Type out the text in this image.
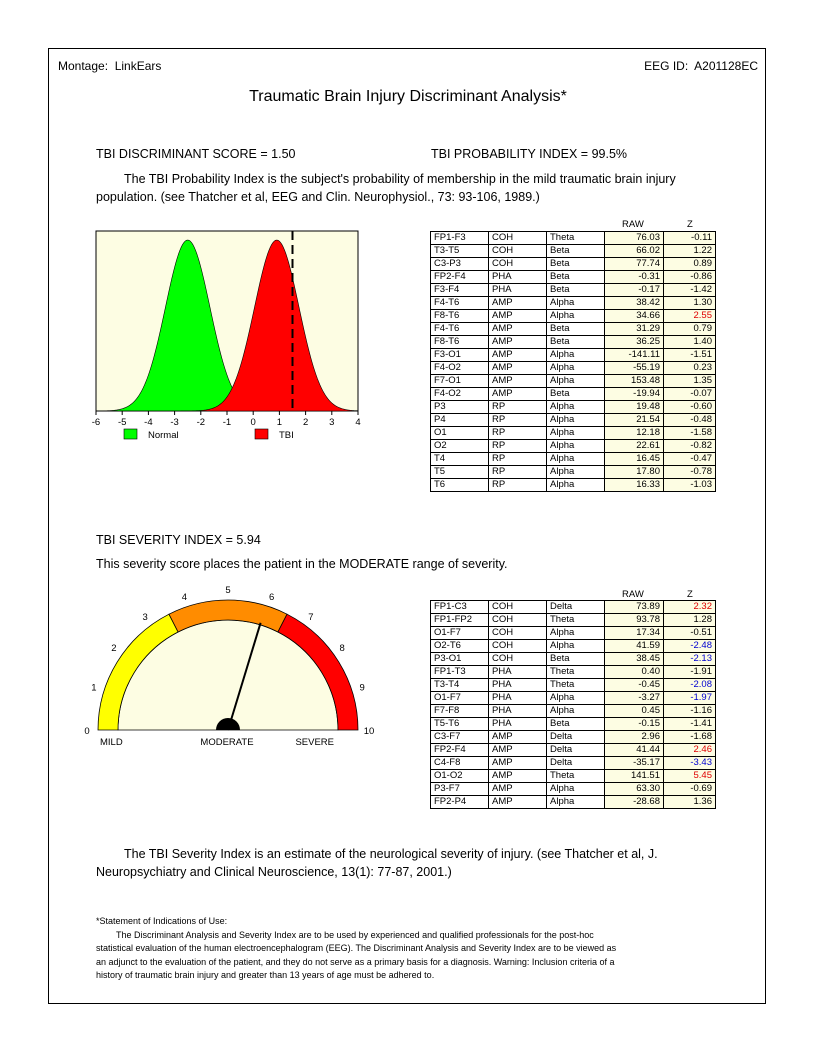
Montage: LinkEars	EEG ID: A201128EC
Traumatic Brain Injury Discriminant Analysis*
TBI DISCRIMINANT SCORE = 1.50	TBI PROBABILITY INDEX = 99.5%
The TBI Probability Index is the subject's probability of membership in the mild traumatic brain injury
population. (see Thatcher et al, EEG and Clin. Neurophysiol., 73: 93-106, 1989.)
-6 -5 -4 -3 -2 -1 0 1 2 3 4
Normal	TBI
RAW	Z
FP1-F3	COH	Theta	76.03	-0.11
T3-T5	COH	Beta	66.02	1.22
C3-P3	COH	Beta	77.74	0.89
FP2-F4	PHA	Beta	-0.31	-0.86
F3-F4	PHA	Beta	-0.17	-1.42
F4-T6	AMP	Alpha	38.42	1.30
F8-T6	AMP	Alpha	34.66	2.55
F4-T6	AMP	Beta	31.29	0.79
F8-T6	AMP	Beta	36.25	1.40
F3-O1	AMP	Alpha	-141.11	-1.51
F4-O2	AMP	Alpha	-55.19	0.23
F7-O1	AMP	Alpha	153.48	1.35
F4-O2	AMP	Beta	-19.94	-0.07
P3	RP	Alpha	19.48	-0.60
P4	RP	Alpha	21.54	-0.48
O1	RP	Alpha	12.18	-1.58
O2	RP	Alpha	22.61	-0.82
T4	RP	Alpha	16.45	-0.47
T5	RP	Alpha	17.80	-0.78
T6	RP	Alpha	16.33	-1.03
TBI SEVERITY INDEX = 5.94
This severity score places the patient in the MODERATE range of severity.
0
1
2
3
4
5
6
7
8
9
10
MILD	MODERATE	SEVERE
RAW	Z
FP1-C3	COH	Delta	73.89	2.32
FP1-FP2	COH	Theta	93.78	1.28
O1-F7	COH	Alpha	17.34	-0.51
O2-T6	COH	Alpha	41.59	-2.48
P3-O1	COH	Beta	38.45	-2.13
FP1-T3	PHA	Theta	0.40	-1.91
T3-T4	PHA	Theta	-0.45	-2.08
O1-F7	PHA	Alpha	-3.27	-1.97
F7-F8	PHA	Alpha	0.45	-1.16
T5-T6	PHA	Beta	-0.15	-1.41
C3-F7	AMP	Delta	2.96	-1.68
FP2-F4	AMP	Delta	41.44	2.46
C4-F8	AMP	Delta	-35.17	-3.43
O1-O2	AMP	Theta	141.51	5.45
P3-F7	AMP	Alpha	63.30	-0.69
FP2-P4	AMP	Alpha	-28.68	1.36
The TBI Severity Index is an estimate of the neurological severity of injury. (see Thatcher et al, J.
Neuropsychiatry and Clinical Neuroscience, 13(1): 77-87, 2001.)
*Statement of Indications of Use:
The Discriminant Analysis and Severity Index are to be used by experienced and qualified professionals for the post-hoc
statistical evaluation of the human electroencephalogram (EEG). The Discriminant Analysis and Severity Index are to be viewed as
an adjunct to the evaluation of the patient, and they do not serve as a primary basis for a diagnosis. Warning: Inclusion criteria of a
history of traumatic brain injury and greater than 13 years of age must be adhered to.
